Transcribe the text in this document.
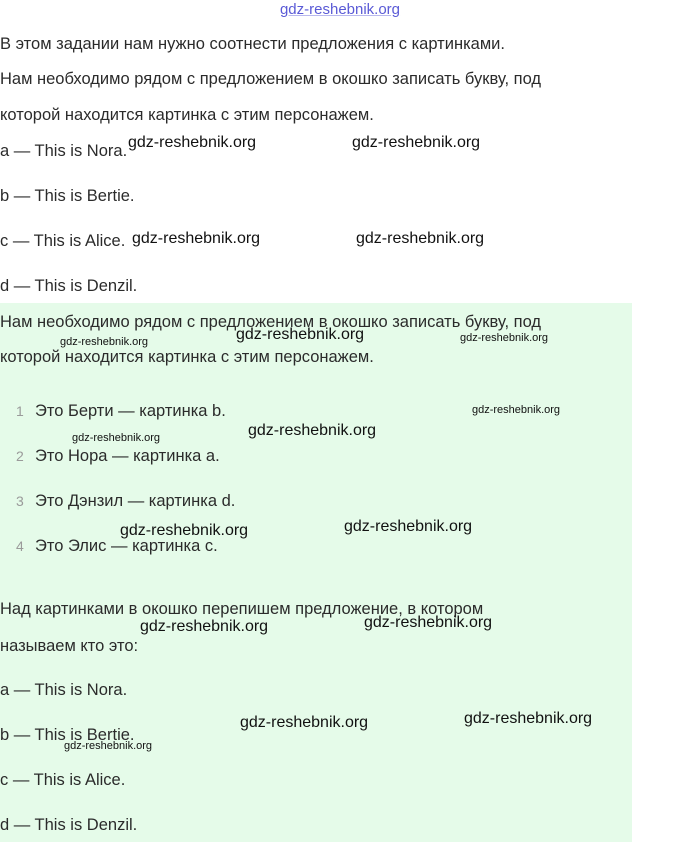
gdz-reshebnik.org
В этом задании нам нужно соотнести предложения с картинками.
Нам необходимо рядом с предложением в окошко записать букву, под
которой находится картинка с этим персонажем.
a — This is Nora.
b — This is Bertie.
c — This is Alice.
d — This is Denzil.
Нам необходимо рядом с предложением в окошко записать букву, под
которой находится картинка с этим персонажем.
1 Это Берти — картинка b.
2 Это Нора — картинка a.
3 Это Дэнзил — картинка d.
4 Это Элис — картинка c.
Над картинками в окошко перепишем предложение, в котором
называем кто это:
a — This is Nora.
b — This is Bertie.
c — This is Alice.
d — This is Denzil.
gdz-reshebnik.org	gdz-reshebnik.org
gdz-reshebnik.org	gdz-reshebnik.org
gdz-reshebnik.org
gdz-reshebnik.org	gdz-reshebnik.org
gdz-reshebnik.org
gdz-reshebnik.org
gdz-reshebnik.org
gdz-reshebnik.org
gdz-reshebnik.org
gdz-reshebnik.org
gdz-reshebnik.org
gdz-reshebnik.org
gdz-reshebnik.org
gdz-reshebnik.org
